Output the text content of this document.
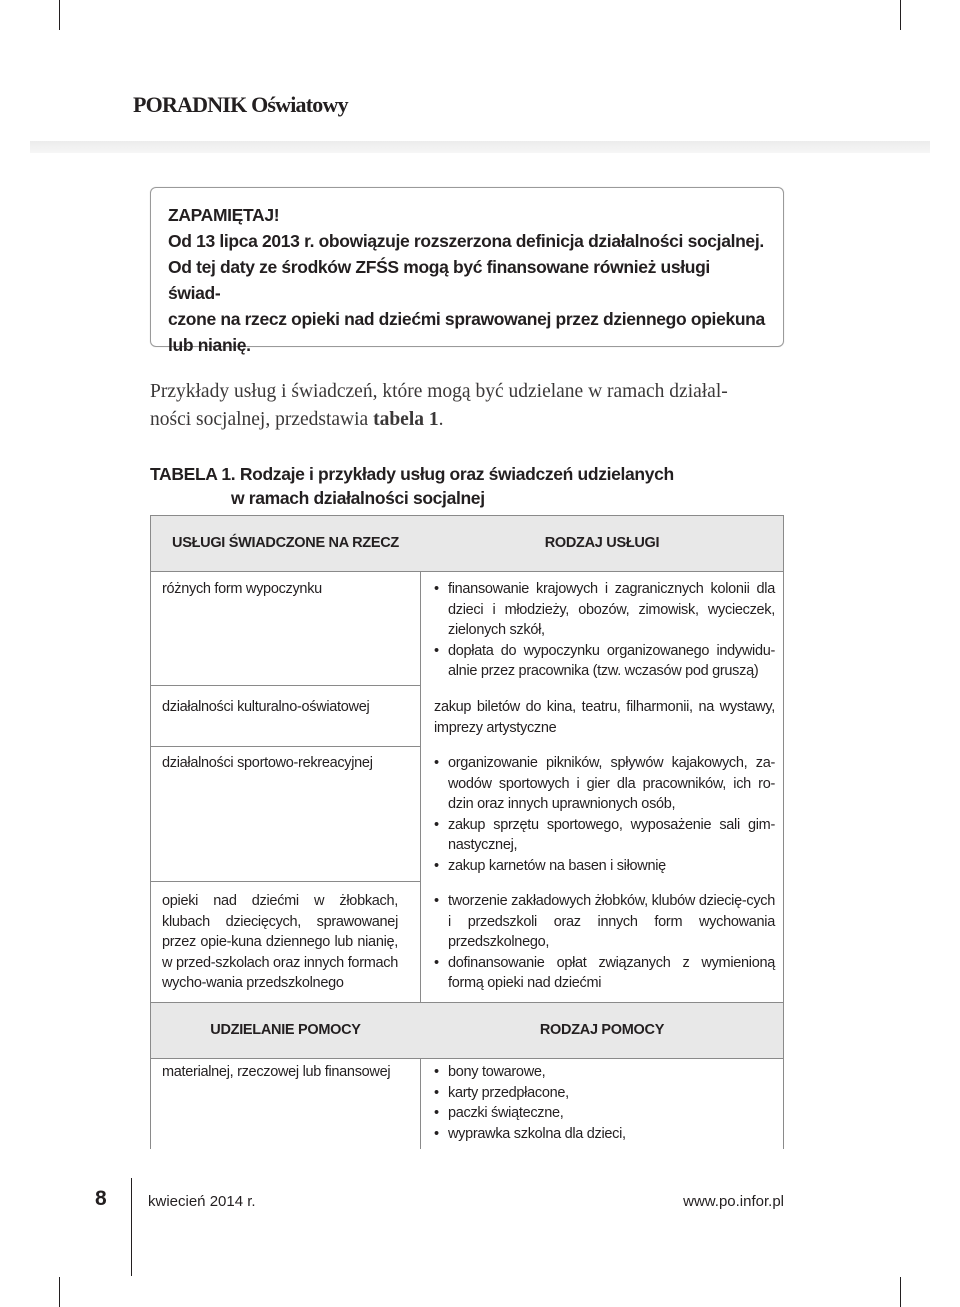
PORADNIK Oświatowy
ZAPAMIĘTAJ!
Od 13 lipca 2013 r. obowiązuje rozszerzona definicja działalności socjalnej.
Od tej daty ze środków ZFŚS mogą być finansowane również usługi świad-
czone na rzecz opieki nad dziećmi sprawowanej przez dziennego opiekuna
lub nianię.
Przykłady usług i świadczeń, które mogą być udzielane w ramach działal-
ności socjalnej, przedstawia tabela 1.
TABELA 1. Rodzaje i przykłady usług oraz świadczeń udzielanych
w ramach działalności socjalnej
USŁUGI ŚWIADCZONE NA RZECZ	RODZAJ USŁUGI
różnych form wypoczynku	• finansowanie krajowych i zagranicznych kolonii dla dzieci i młodzieży, obozów, zimowisk, wycieczek, zielonych szkół,
• dopłata do wypoczynku organizowanego indywidu-alnie przez pracownika (tzw. wczasów pod gruszą)
działalności kulturalno-oświatowej	zakup biletów do kina, teatru, filharmonii, na wystawy, imprezy artystyczne
działalności sportowo-rekreacyjnej	• organizowanie pikników, spływów kajakowych, za-wodów sportowych i gier dla pracowników, ich ro-dzin oraz innych uprawnionych osób,
• zakup sprzętu sportowego, wyposażenie sali gim-nastycznej,
• zakup karnetów na basen i siłownię
opieki nad dziećmi w żłobkach, klubach dziecięcych, sprawowanej przez opie-kuna dziennego lub nianię, w przed-szkolach oraz innych formach wycho-wania przedszkolnego
• tworzenie zakładowych żłobków, klubów dziecię-cych i przedszkoli oraz innych form wychowania przedszkolnego,
• dofinansowanie opłat związanych z wymienioną formą opieki nad dziećmi
UDZIELANIE POMOCY	RODZAJ POMOCY
materialnej, rzeczowej lub finansowej	• bony towarowe,
• karty przedpłacone,
• paczki świąteczne,
• wyprawka szkolna dla dzieci,
8	kwiecień 2014 r.	www.po.infor.pl
